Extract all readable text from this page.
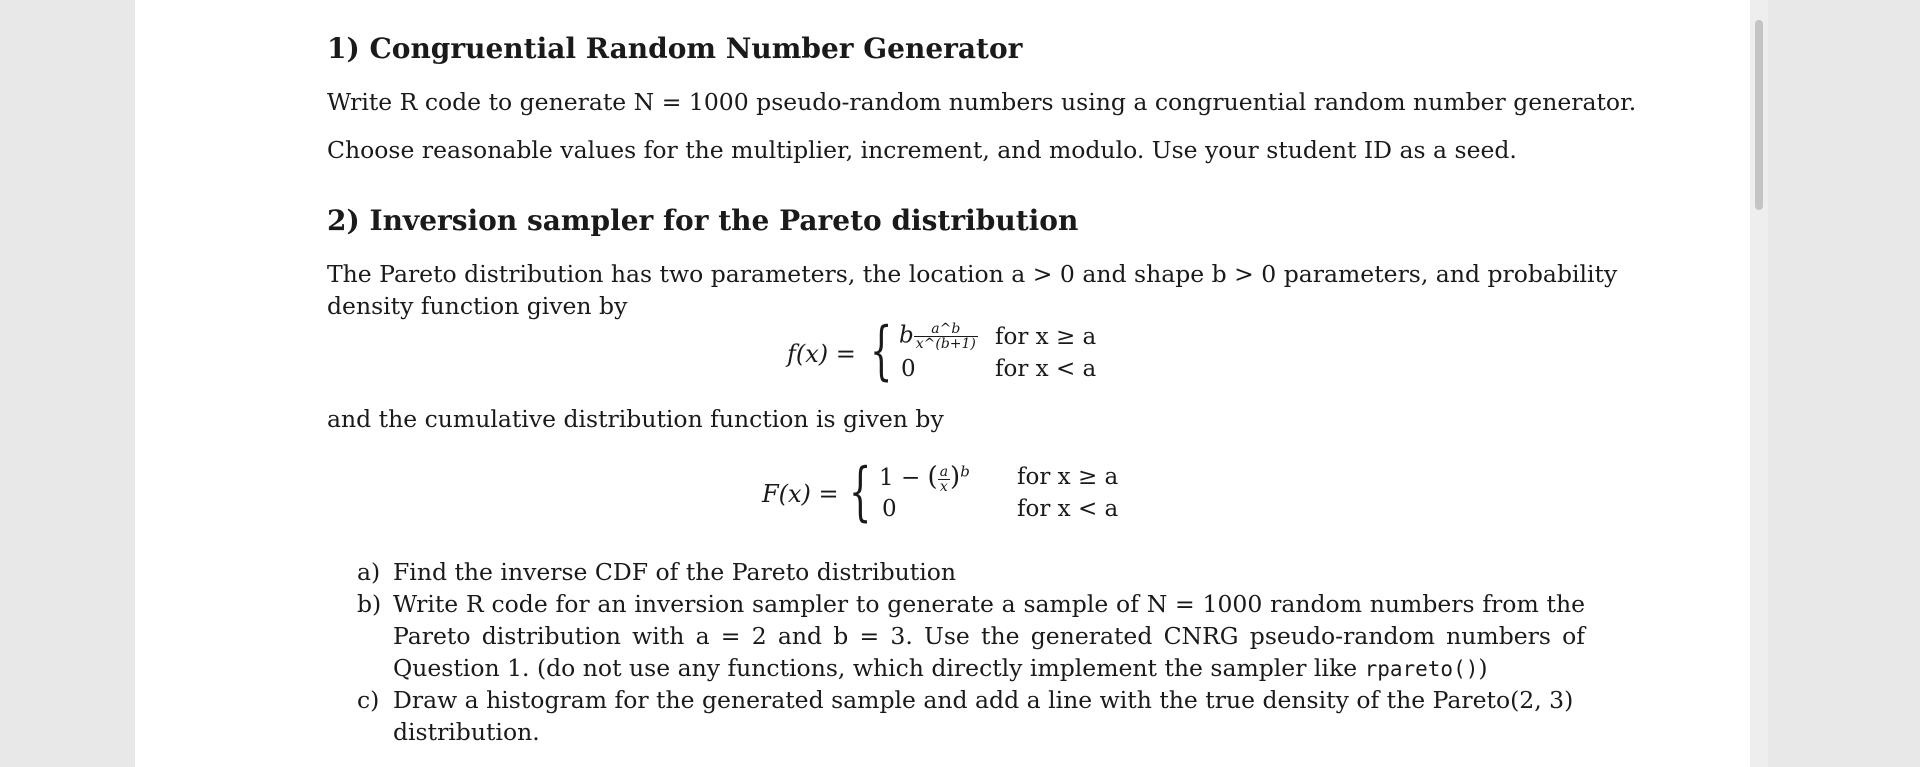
1) Congruential Random Number Generator
Write R code to generate N = 1000 pseudo-random numbers using a congruential random number generator.
Choose reasonable values for the multiplier, increment, and modulo. Use your student ID as a seed.
2) Inversion sampler for the Pareto distribution
The Pareto distribution has two parameters, the location a > 0 and shape b > 0 parameters, and probability
density function given by
f(x) = { b $\frac{a\^{}b}{x\^{}(b+1)}$ for x ≥ a
0	for x < a
and the cumulative distribution function is given by
F(x) = { 1 − ( $\frac{a}{x} )^b$ for x ≥ a
0	for x < a
a) Find the inverse CDF of the Pareto distribution
b) Write R code for an inversion sampler to generate a sample of N = 1000 random numbers from the
Pareto distribution with a = 2 and b = 3. Use the generated CNRG pseudo-random numbers of
Question 1. (do not use any functions, which directly implement the sampler like rpareto())
c) Draw a histogram for the generated sample and add a line with the true density of the Pareto(2, 3)
distribution.
